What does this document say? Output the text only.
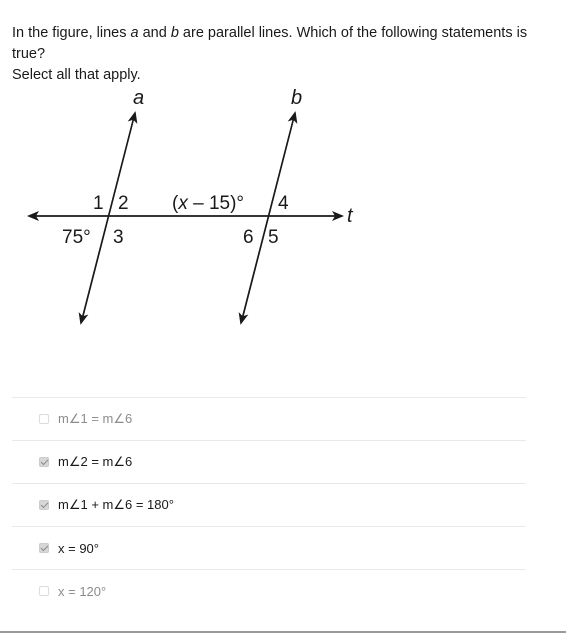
In the figure, lines a and b are parallel lines. Which of the following statements is true?

Select all that apply.

a	b
t
1 2
75° 3
(x – 15)° 4
6 5
m∠1 = m∠6
m∠2 = m∠6
m∠1 + m∠6 = 180°
x = 90°
x = 120°
